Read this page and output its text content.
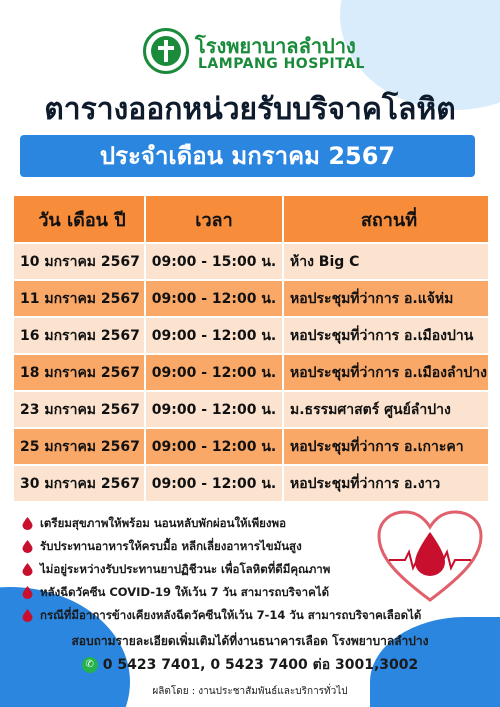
โรงพยาบาลลำปาง
LAMPANG HOSPITAL
ตารางออกหน่วยรับบริจาคโลหิต
ประจำเดือน มกราคม 2567
วัน เดือน ปี	เวลา	สถานที่
10 มกราคม 2567 09:00 - 15:00 น. ห้าง Big C
11 มกราคม 2567 09:00 - 12:00 น. หอประชุมที่ว่าการ อ.แจ้ห่ม
16 มกราคม 2567 09:00 - 12:00 น. หอประชุมที่ว่าการ อ.เมืองปาน
18 มกราคม 2567 09:00 - 12:00 น. หอประชุมที่ว่าการ อ.เมืองลำปาง
23 มกราคม 2567 09:00 - 12:00 น. ม.ธรรมศาสตร์ ศูนย์ลำปาง
25 มกราคม 2567 09:00 - 12:00 น. หอประชุมที่ว่าการ อ.เกาะคา
30 มกราคม 2567 09:00 - 12:00 น. หอประชุมที่ว่าการ อ.งาว
เตรียมสุขภาพให้พร้อม นอนหลับพักผ่อนให้เพียงพอ
รับประทานอาหารให้ครบมื้อ หลีกเลี่ยงอาหารไขมันสูง
ไม่อยู่ระหว่างรับประทานยาปฏิชีวนะ เพื่อโลหิตที่ดีมีคุณภาพ
หลังฉีดวัคซีน COVID-19 ให้เว้น 7 วัน สามารถบริจาคได้
กรณีที่มีอาการข้างเคียงหลังฉีดวัคซีนให้เว้น 7-14 วัน สามารถบริจาคเลือดได้
สอบถามรายละเอียดเพิ่มเติมได้ที่งานธนาคารเลือด โรงพยาบาลลำปาง
✆ 0 5423 7401, 0 5423 7400 ต่อ 3001,3002
ผลิตโดย : งานประชาสัมพันธ์และบริการทั่วไป
